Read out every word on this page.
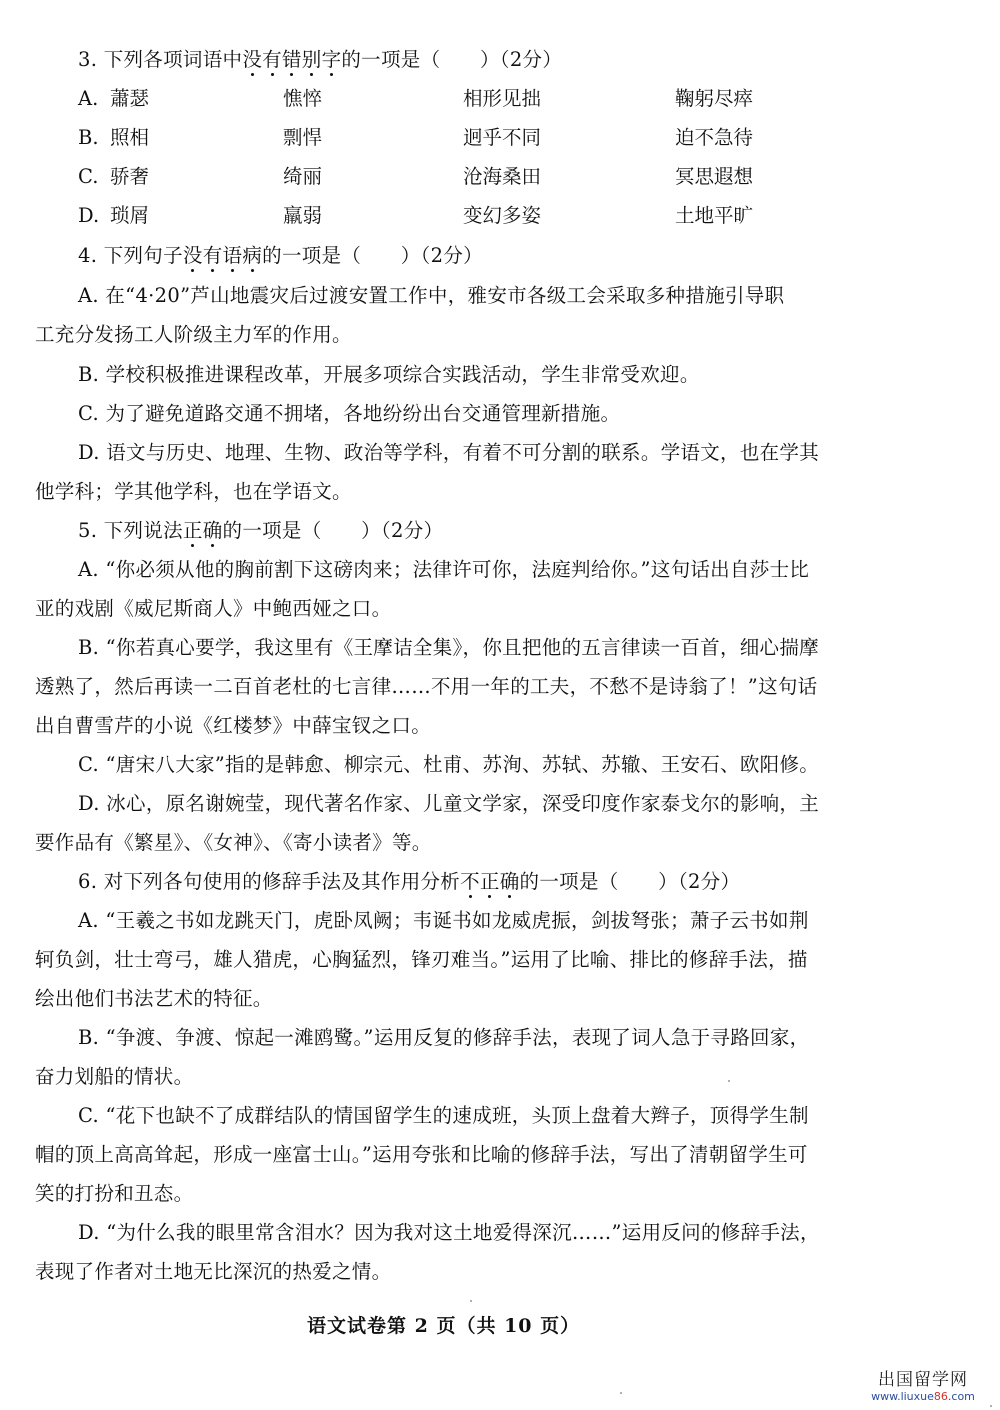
3. 下列各项词语中没有错别字的一项是（　　）（2分）
A. 蕭瑟	憔悴	相形见拙	鞠躬尽瘁
B. 照相	剽悍	迥乎不同	迫不急待
C. 骄奢	绮丽	沧海桑田	冥思遐想
D. 琐屑	羸弱	变幻多姿	土地平旷
4. 下列句子没有语病的一项是（　　）（2分）
A. 在“4·20”芦山地震灾后过渡安置工作中，雅安市各级工会采取多种措施引导职
工充分发扬工人阶级主力军的作用。
B. 学校积极推进课程改革，开展多项综合实践活动，学生非常受欢迎。
C. 为了避免道路交通不拥堵，各地纷纷出台交通管理新措施。
D. 语文与历史、地理、生物、政治等学科，有着不可分割的联系。学语文，也在学其
他学科；学其他学科，也在学语文。
5. 下列说法正确的一项是（　　）（2分）
A. “你必须从他的胸前割下这磅肉来；法律许可你，法庭判给你。”这句话出自莎士比
亚的戏剧《威尼斯商人》中鲍西娅之口。
B. “你若真心要学，我这里有《王摩诘全集》，你且把他的五言律读一百首，细心揣摩
透熟了，然后再读一二百首老杜的七言律……不用一年的工夫，不愁不是诗翁了！”这句话
出自曹雪芹的小说《红楼梦》中薛宝钗之口。
C. “唐宋八大家”指的是韩愈、柳宗元、杜甫、苏洵、苏轼、苏辙、王安石、欧阳修。
D. 冰心，原名谢婉莹，现代著名作家、儿童文学家，深受印度作家泰戈尔的影响，主
要作品有《繁星》、《女神》、《寄小读者》等。
6. 对下列各句使用的修辞手法及其作用分析不正确的一项是（　　）（2分）
A. “王羲之书如龙跳天门，虎卧凤阙；韦诞书如龙威虎振，剑拔弩张；萧子云书如荆
轲负剑，壮士弯弓，雄人猎虎，心胸猛烈，锋刃难当。”运用了比喻、排比的修辞手法，描
绘出他们书法艺术的特征。
B. “争渡、争渡、惊起一滩鸥鹭。”运用反复的修辞手法，表现了词人急于寻路回家，
奋力划船的情状。
C. “花下也缺不了成群结队的情国留学生的速成班，头顶上盘着大辫子，顶得学生制
帽的顶上高高耸起，形成一座富士山。”运用夸张和比喻的修辞手法，写出了清朝留学生可
笑的打扮和丑态。
D. “为什么我的眼里常含泪水？因为我对这土地爱得深沉……”运用反问的修辞手法，
表现了作者对土地无比深沉的热爱之情。
语文试卷第 2 页（共 10 页）
出国留学网
www.liuxue86.com
